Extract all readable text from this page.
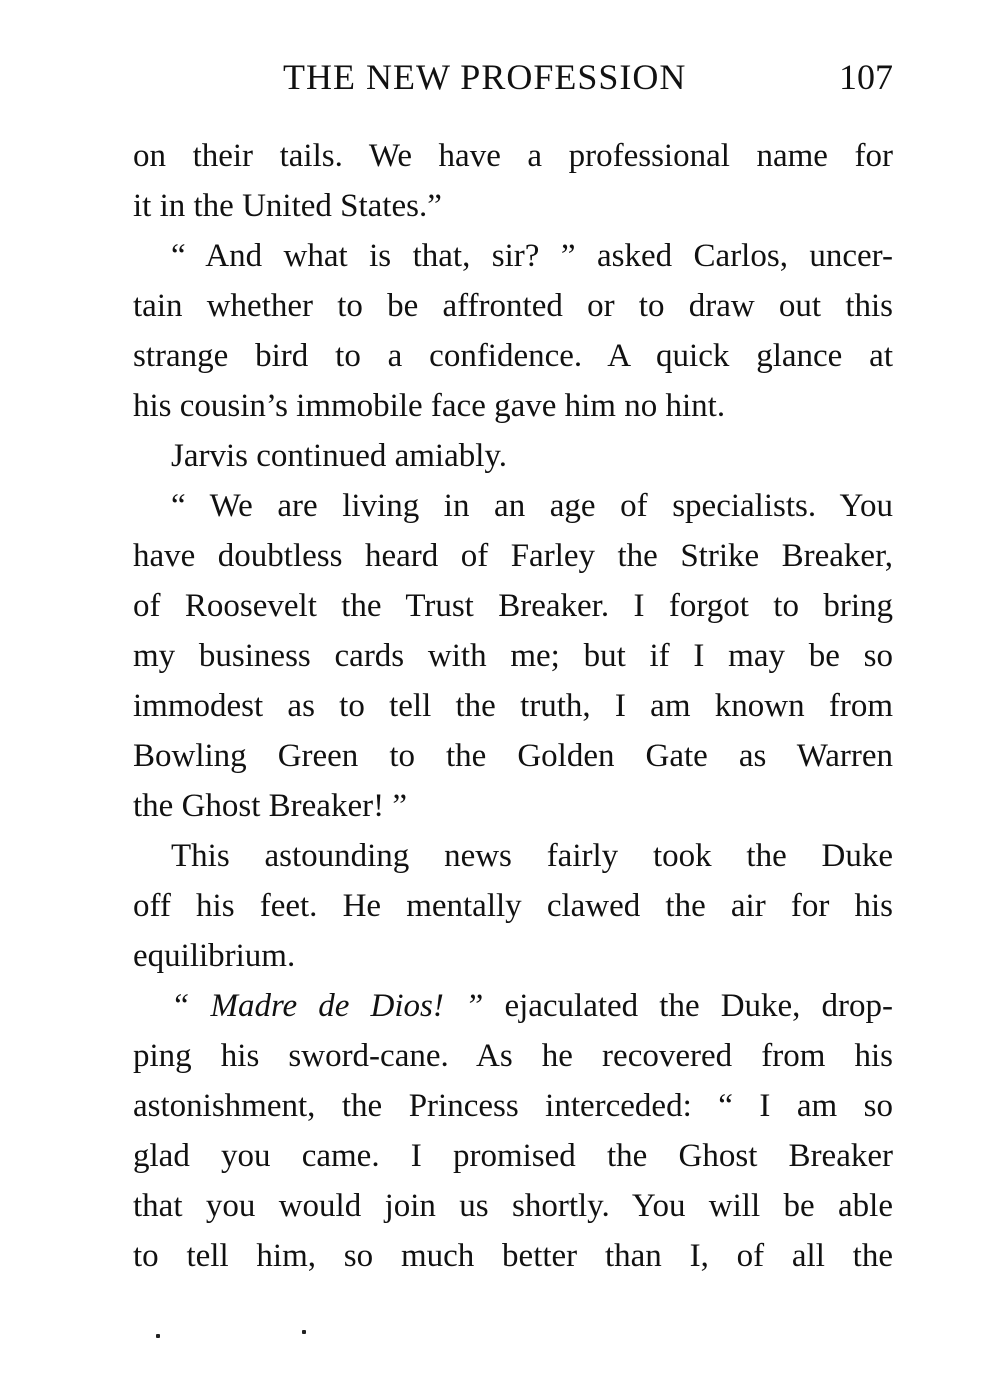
THE NEW PROFESSION	107
on their tails. We have a professional name for
it in the United States.”
“ And what is that, sir? ” asked Carlos, uncer-
tain whether to be affronted or to draw out this
strange bird to a confidence. A quick glance at
his cousin’s immobile face gave him no hint.
Jarvis continued amiably.
“ We are living in an age of specialists. You
have doubtless heard of Farley the Strike Breaker,
of Roosevelt the Trust Breaker. I forgot to bring
my business cards with me; but if I may be so
immodest as to tell the truth, I am known from
Bowling Green to the Golden Gate as Warren
the Ghost Breaker! ”
This astounding news fairly took the Duke
off his feet. He mentally clawed the air for his
equilibrium.
“ Madre de Dios! ” ejaculated the Duke, drop-
ping his sword-cane. As he recovered from his
astonishment, the Princess interceded: “ I am so
glad you came. I promised the Ghost Breaker
that you would join us shortly. You will be able
to tell him, so much better than I, of all the
